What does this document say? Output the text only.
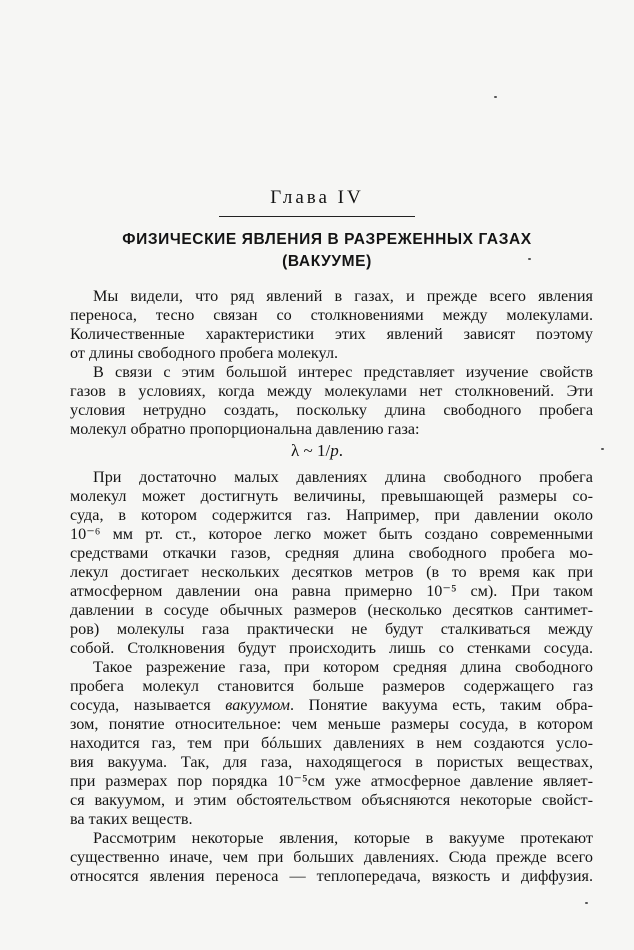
Глава IV
ФИЗИЧЕСКИЕ ЯВЛЕНИЯ В РАЗРЕЖЕННЫХ ГАЗАХ
(ВАКУУМЕ)
Мы видели, что ряд явлений в газах, и прежде всего явления
переноса, тесно связан со столкновениями между молекулами.
Количественные характеристики этих явлений зависят поэтому
от длины свободного пробега молекул.
В связи с этим большой интерес представляет изучение свойств
газов в условиях, когда между молекулами нет столкновений. Эти
условия нетрудно создать, поскольку длина свободного пробега
молекул обратно пропорциональна давлению газа:
λ ~ 1/p.
При достаточно малых давлениях длина свободного пробега
молекул может достигнуть величины, превышающей размеры со-
суда, в котором содержится газ. Например, при давлении около
10⁻⁶ мм рт. ст., которое легко может быть создано современными
средствами откачки газов, средняя длина свободного пробега мо-
лекул достигает нескольких десятков метров (в то время как при
атмосферном давлении она равна примерно 10⁻⁵ см). При таком
давлении в сосуде обычных размеров (несколько десятков сантимет-
ров) молекулы газа практически не будут сталкиваться между
собой. Столкновения будут происходить лишь со стенками сосуда.
Такое разрежение газа, при котором средняя длина свободного
пробега молекул становится больше размеров содержащего газ
сосуда, называется вакуумом. Понятие вакуума есть, таким обра-
зом, понятие относительное: чем меньше размеры сосуда, в котором
находится газ, тем при бóльших давлениях в нем создаются усло-
вия вакуума. Так, для газа, находящегося в пористых веществах,
при размерах пор порядка 10⁻⁵см уже атмосферное давление являет-
ся вакуумом, и этим обстоятельством объясняются некоторые свойст-
ва таких веществ.
Рассмотрим некоторые явления, которые в вакууме протекают
существенно иначе, чем при больших давлениях. Сюда прежде всего
относятся явления переноса — теплопередача, вязкость и диффузия.
